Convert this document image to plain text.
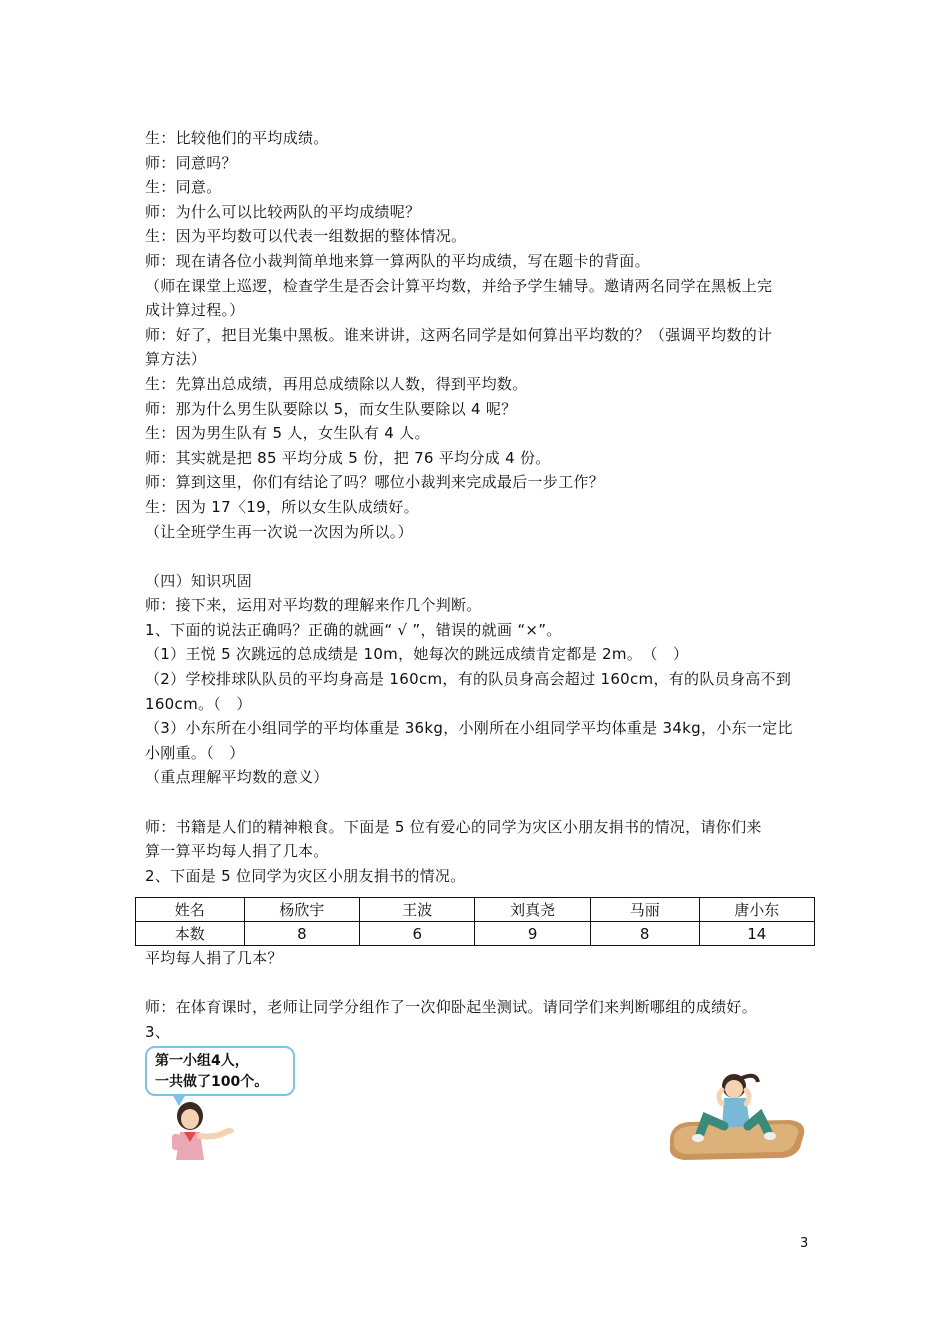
生：比较他们的平均成绩。
师：同意吗？
生：同意。
师：为什么可以比较两队的平均成绩呢？
生：因为平均数可以代表一组数据的整体情况。
师：现在请各位小裁判简单地来算一算两队的平均成绩，写在题卡的背面。
（师在课堂上巡逻，检查学生是否会计算平均数，并给予学生辅导。邀请两名同学在黑板上完
成计算过程。）
师：好了，把目光集中黑板。谁来讲讲，这两名同学是如何算出平均数的？（强调平均数的计
算方法）
生：先算出总成绩，再用总成绩除以人数，得到平均数。
师：那为什么男生队要除以 5，而女生队要除以 4 呢？
生：因为男生队有 5 人，女生队有 4 人。
师：其实就是把 85 平均分成 5 份，把 76 平均分成 4 份。
师：算到这里，你们有结论了吗？哪位小裁判来完成最后一步工作？
生：因为 17〈19，所以女生队成绩好。
（让全班学生再一次说一次因为所以。）
（四）知识巩固
师：接下来，运用对平均数的理解来作几个判断。
1、下面的说法正确吗？正确的就画“ √ ”，错误的就画 “×”。
（1）王悦 5 次跳远的总成绩是 10m，她每次的跳远成绩肯定都是 2m。　（　）
（2）学校排球队队员的平均身高是 160cm，有的队员身高会超过 160cm，有的队员身高不到
160cm。（　）
（3）小东所在小组同学的平均体重是 36kg，小刚所在小组同学平均体重是 34kg，小东一定比
小刚重。（　）
（重点理解平均数的意义）
师：书籍是人们的精神粮食。下面是 5 位有爱心的同学为灾区小朋友捐书的情况，请你们来
算一算平均每人捐了几本。
2、下面是 5 位同学为灾区小朋友捐书的情况。
姓名	杨欣宇	王波	刘真尧	马丽	唐小东
本数	8	6	9	8	14
平均每人捐了几本？
师：在体育课时，老师让同学分组作了一次仰卧起坐测试。请同学们来判断哪组的成绩好。
3、
第一小组4人，
一共做了100个。
3
